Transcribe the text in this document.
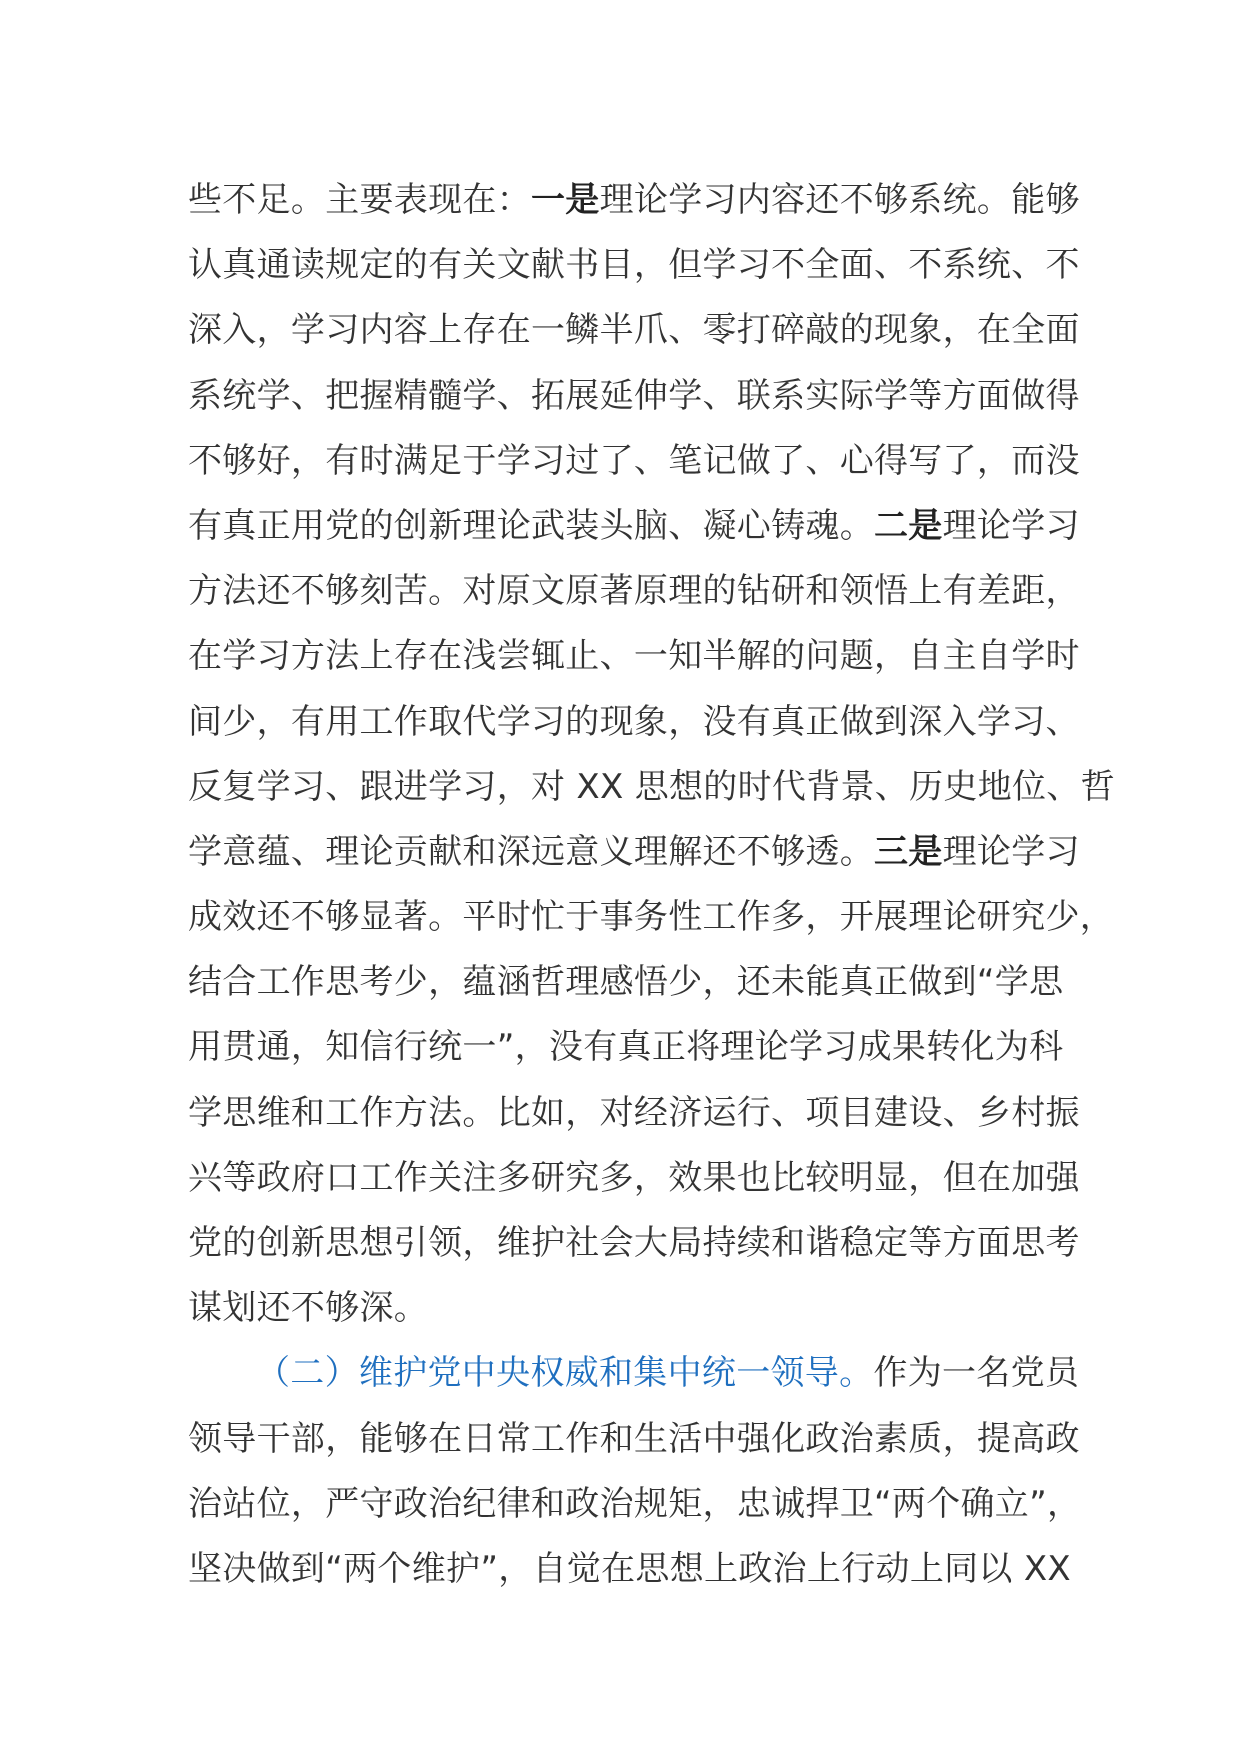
些不足。主要表现在：一是理论学习内容还不够系统。能够
认真通读规定的有关文献书目，但学习不全面、不系统、不
深入，学习内容上存在一鳞半爪、零打碎敲的现象，在全面
系统学、把握精髓学、拓展延伸学、联系实际学等方面做得
不够好，有时满足于学习过了、笔记做了、心得写了，而没
有真正用党的创新理论武装头脑、凝心铸魂。二是理论学习
方法还不够刻苦。对原文原著原理的钻研和领悟上有差距，
在学习方法上存在浅尝辄止、一知半解的问题，自主自学时
间少，有用工作取代学习的现象，没有真正做到深入学习、
反复学习、跟进学习，对 XX 思想的时代背景、历史地位、哲
学意蕴、理论贡献和深远意义理解还不够透。三是理论学习
成效还不够显著。平时忙于事务性工作多，开展理论研究少，
结合工作思考少，蕴涵哲理感悟少，还未能真正做到“学思
用贯通，知信行统一”，没有真正将理论学习成果转化为科
学思维和工作方法。比如，对经济运行、项目建设、乡村振
兴等政府口工作关注多研究多，效果也比较明显，但在加强
党的创新思想引领，维护社会大局持续和谐稳定等方面思考
谋划还不够深。
（二）维护党中央权威和集中统一领导。作为一名党员
领导干部，能够在日常工作和生活中强化政治素质，提高政
治站位，严守政治纪律和政治规矩，忠诚捍卫“两个确立”，
坚决做到“两个维护”，自觉在思想上政治上行动上同以 XX
